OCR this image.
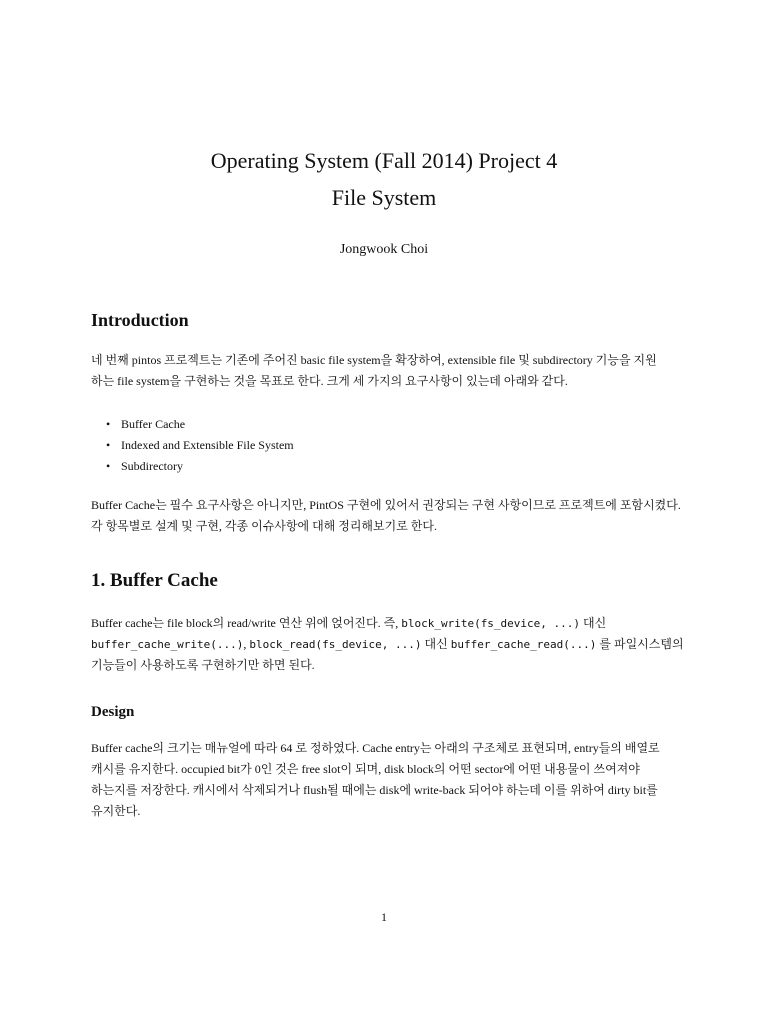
Operating System (Fall 2014) Project 4
File System

Jongwook Choi

Introduction

네 번째 pintos 프로젝트는 기존에 주어진 basic file system을 확장하여, extensible file 및 subdirectory 기능을 지원
하는 file system을 구현하는 것을 목표로 한다. 크게 세 가지의 요구사항이 있는데 아래와 같다.

• Buffer Cache
• Indexed and Extensible File System
• Subdirectory

Buffer Cache는 필수 요구사항은 아니지만, PintOS 구현에 있어서 권장되는 구현 사항이므로 프로젝트에 포함시켰다.
각 항목별로 설계 및 구현, 각종 이슈사항에 대해 정리해보기로 한다.

1. Buffer Cache

Buffer cache는 file block의 read/write 연산 위에 얹어진다. 즉, block_write(fs_device, ...) 대신
buffer_cache_write(...), block_read(fs_device, ...) 대신 buffer_cache_read(...) 를 파일시스템의
기능들이 사용하도록 구현하기만 하면 된다.

Design

Buffer cache의 크기는 매뉴얼에 따라 64 로 정하였다. Cache entry는 아래의 구조체로 표현되며, entry들의 배열로
캐시를 유지한다. occupied bit가 0인 것은 free slot이 되며, disk block의 어떤 sector에 어떤 내용물이 쓰여져야
하는지를 저장한다. 캐시에서 삭제되거나 flush될 때에는 disk에 write-back 되어야 하는데 이를 위하여 dirty bit를
유지한다.

1
